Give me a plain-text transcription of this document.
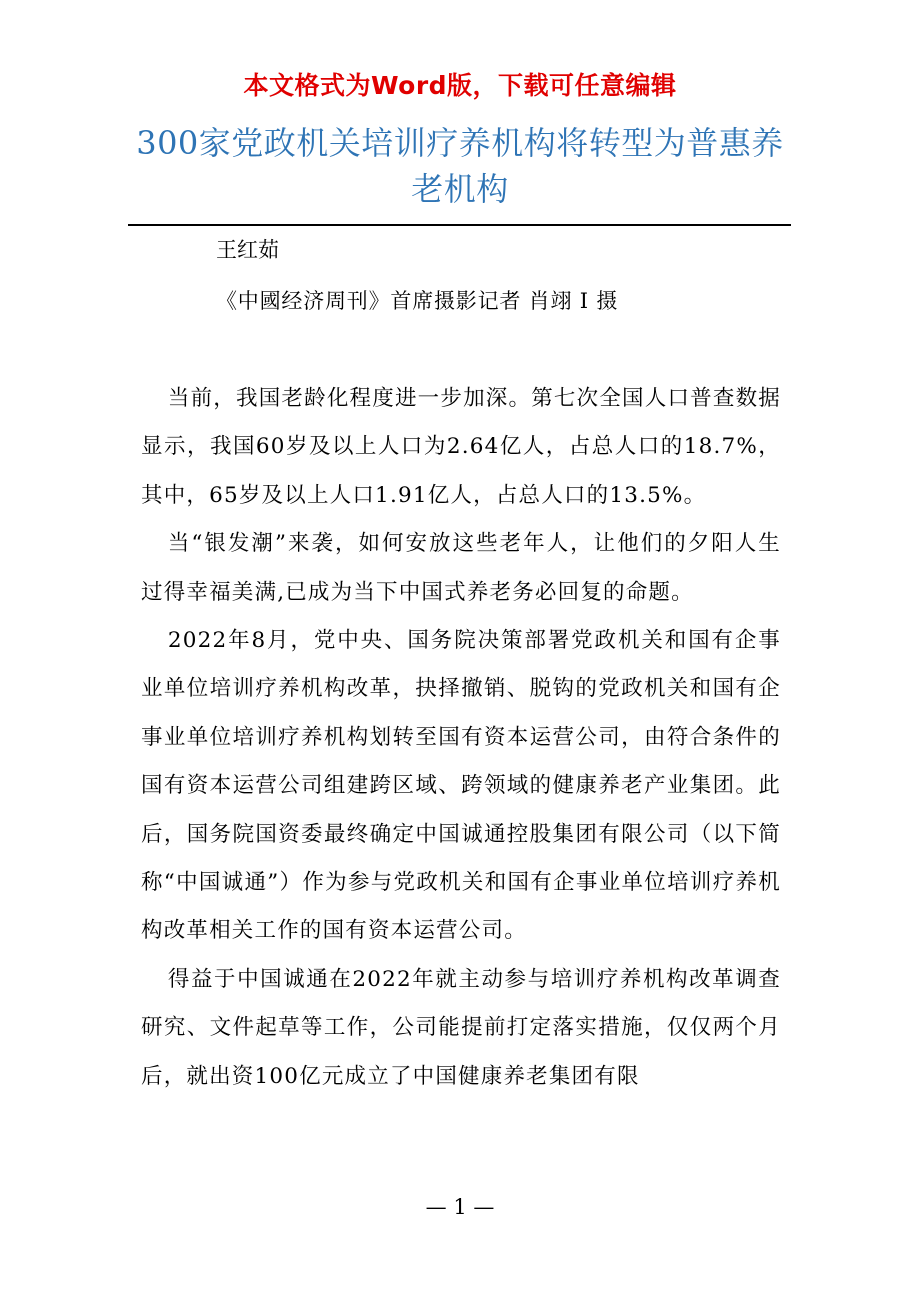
本文格式为Word版，下载可任意编辑
300家党政机关培训疗养机构将转型为普惠养老机构
王红茹
《中國经济周刊》首席摄影记者 肖翊 I 摄

当前，我国老龄化程度进一步加深。第七次全国人口普查数据显示，我国60岁及以上人口为2.64亿人，占总人口的18.7%，其中，65岁及以上人口1.91亿人，占总人口的13.5%。

当“银发潮”来袭，如何安放这些老年人，让他们的夕阳人生过得幸福美满,已成为当下中国式养老务必回复的命题。

2022年8月，党中央、国务院决策部署党政机关和国有企事业单位培训疗养机构改革，抉择撤销、脱钩的党政机关和国有企事业单位培训疗养机构划转至国有资本运营公司，由符合条件的国有资本运营公司组建跨区域、跨领域的健康养老产业集团。此后，国务院国资委最终确定中国诚通控股集团有限公司（以下简称“中国诚通”）作为参与党政机关和国有企事业单位培训疗养机构改革相关工作的国有资本运营公司。

得益于中国诚通在2022年就主动参与培训疗养机构改革调查研究、文件起草等工作，公司能提前打定落实措施，仅仅两个月后，就出资100亿元成立了中国健康养老集团有限

— 1 —
